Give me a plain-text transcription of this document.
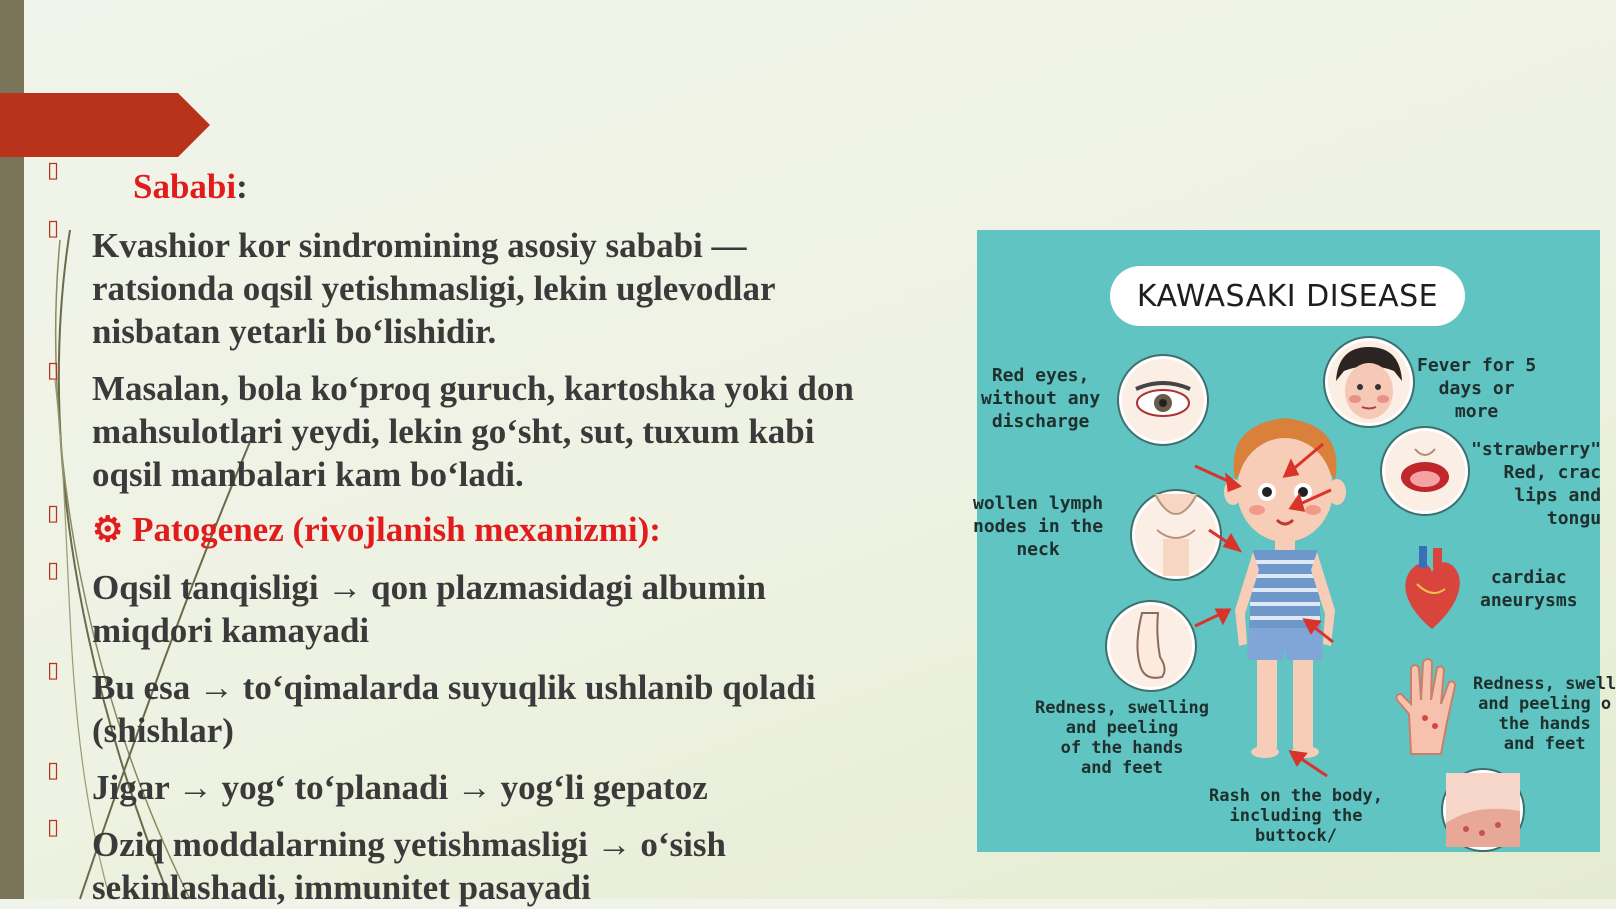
▯
▯
▯
▯
▯
▯
▯
▯
Sababi:
Kvashior kor sindromining asosiy sababi —
ratsionda oqsil yetishmasligi, lekin uglevodlar
nisbatan yetarli bo‘lishidir.
Masalan, bola ko‘proq guruch, kartoshka yoki don
mahsulotlari yeydi, lekin go‘sht, sut, tuxum kabi
oqsil manbalari kam bo‘ladi.
⚙ Patogenez (rivojlanish mexanizmi):
Oqsil tanqisligi → qon plazmasidagi albumin
miqdori kamayadi
Bu esa → to‘qimalarda suyuqlik ushlanib qoladi
(shishlar)
Jigar → yog‘ to‘planadi → yog‘li gepatoz
Oziq moddalarning yetishmasligi → o‘sish
sekinlashadi, immunitet pasayadi
KAWASAKI DISEASE
Red eyes,
without any
discharge
Fever for 5
days or
more
"strawberry"
Red, crac
lips and
tongu
wollen lymph
nodes in the
neck
cardiac
aneurysms
Redness, swelling
and peeling
of the hands
and feet
Redness, swell
and peeling o
the hands
and feet
Rash on the body,
including the
buttock/
